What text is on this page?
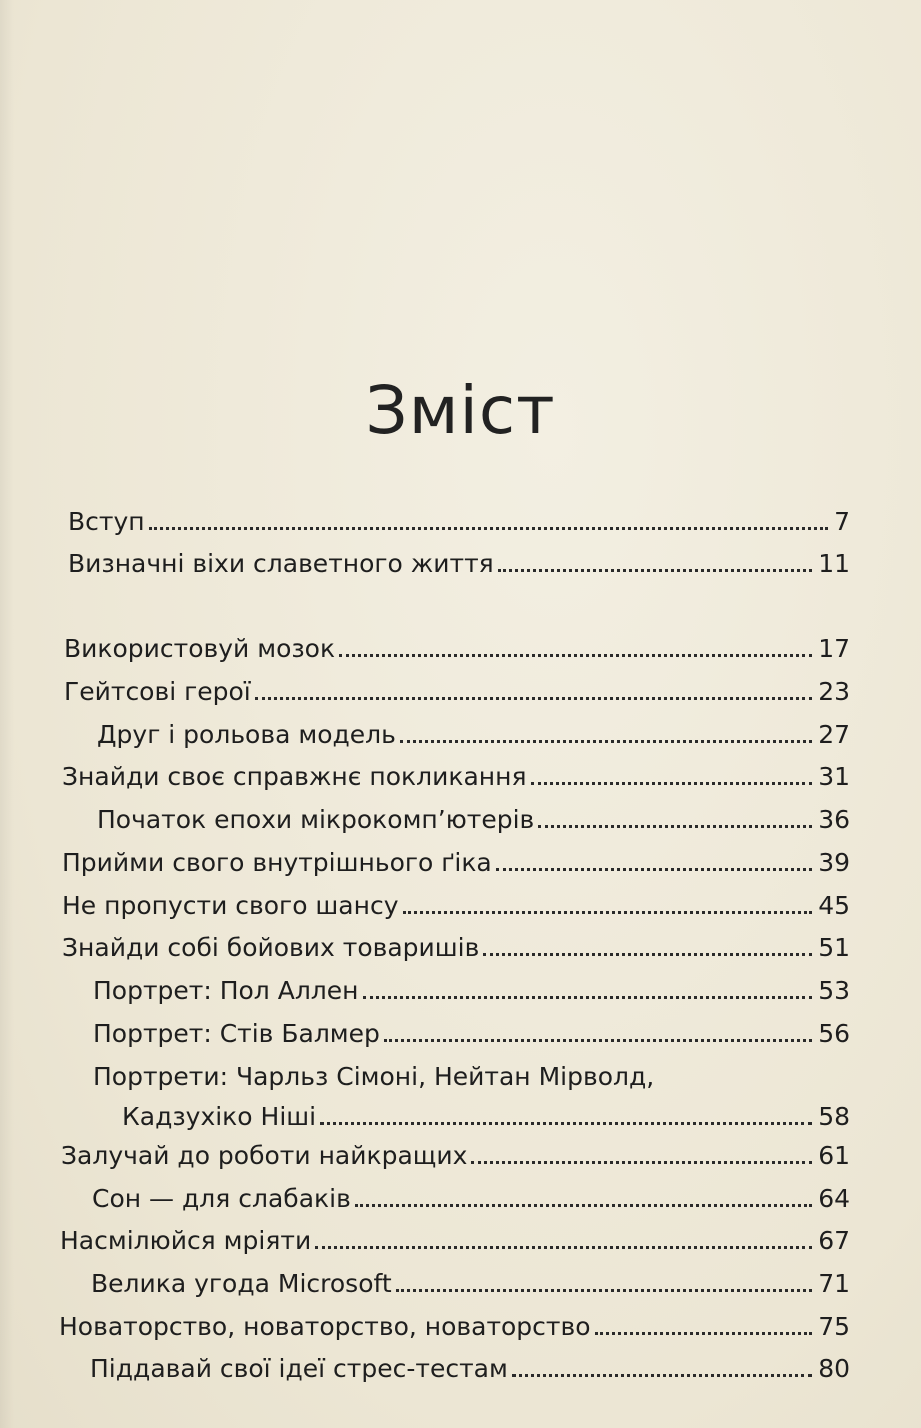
Зміст
Вступ	7
Визначні віхи славетного життя	11
Використовуй мозок	17
Гейтсові герої	23
Друг і рольова модель	27
Знайди своє справжнє покликання	31
Початок епохи мікрокомп’ютерів	36
Прийми свого внутрішнього ґіка	39
Не пропусти свого шансу	45
Знайди собі бойових товаришів	51
Портрет: Пол Аллен	53
Портрет: Стів Балмер	56
Портрети: Чарльз Сімоні, Нейтан Мірволд,
Кадзухіко Ніші	58
Залучай до роботи найкращих	61
Сон — для слабаків	64
Насмілюйся мріяти	67
Велика угода Microsoft	71
Новаторство, новаторство, новаторство	75
Піддавай свої ідеї стрес-тестам	80
